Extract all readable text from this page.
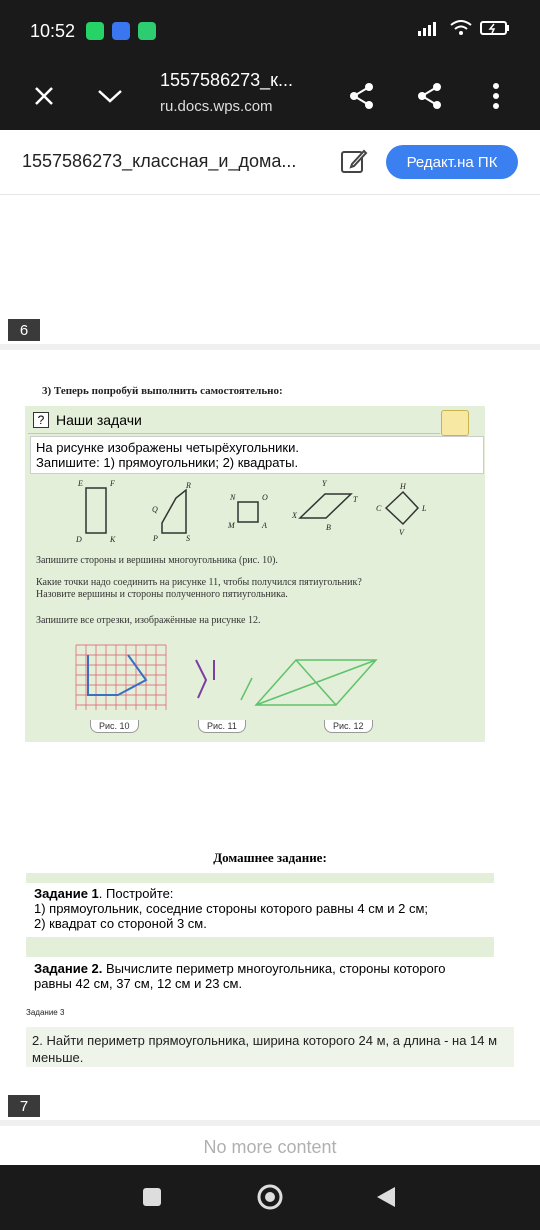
10:52
1557586273_к...
ru.docs.wps.com
1557586273_классная_и_дома...	Редакт.на ПК
6
3) Теперь попробуй выполнить самостоятельно:
? Наши задачи
На рисунке изображены четырёхугольники.
Запишите: 1) прямоугольники; 2) квадраты.
E	F
D	K
Q
R
P	S
N	O
M	A
Y
T
X
B
H
C	L
V
Запишите стороны и вершины многоугольника (рис. 10).
Какие точки надо соединить на рисунке 11, чтобы получился пятиугольник?
Назовите вершины и стороны полученного пятиугольника.
Запишите все отрезки, изображённые на рисунке 12.
Рис. 10	Рис. 11	Рис. 12
Домашнее задание:
Задание 1. Постройте:
1) прямоугольник, соседние стороны которого равны 4 см и 2 см;
2) квадрат со стороной 3 см.
Задание 2. Вычислите периметр многоугольника, стороны которого
равны 42 см, 37 см, 12 см и 23 см.
Задание 3
2. Найти периметр прямоугольника, ширина которого 24 м, а длина - на 14 м меньше.
7
No more content
